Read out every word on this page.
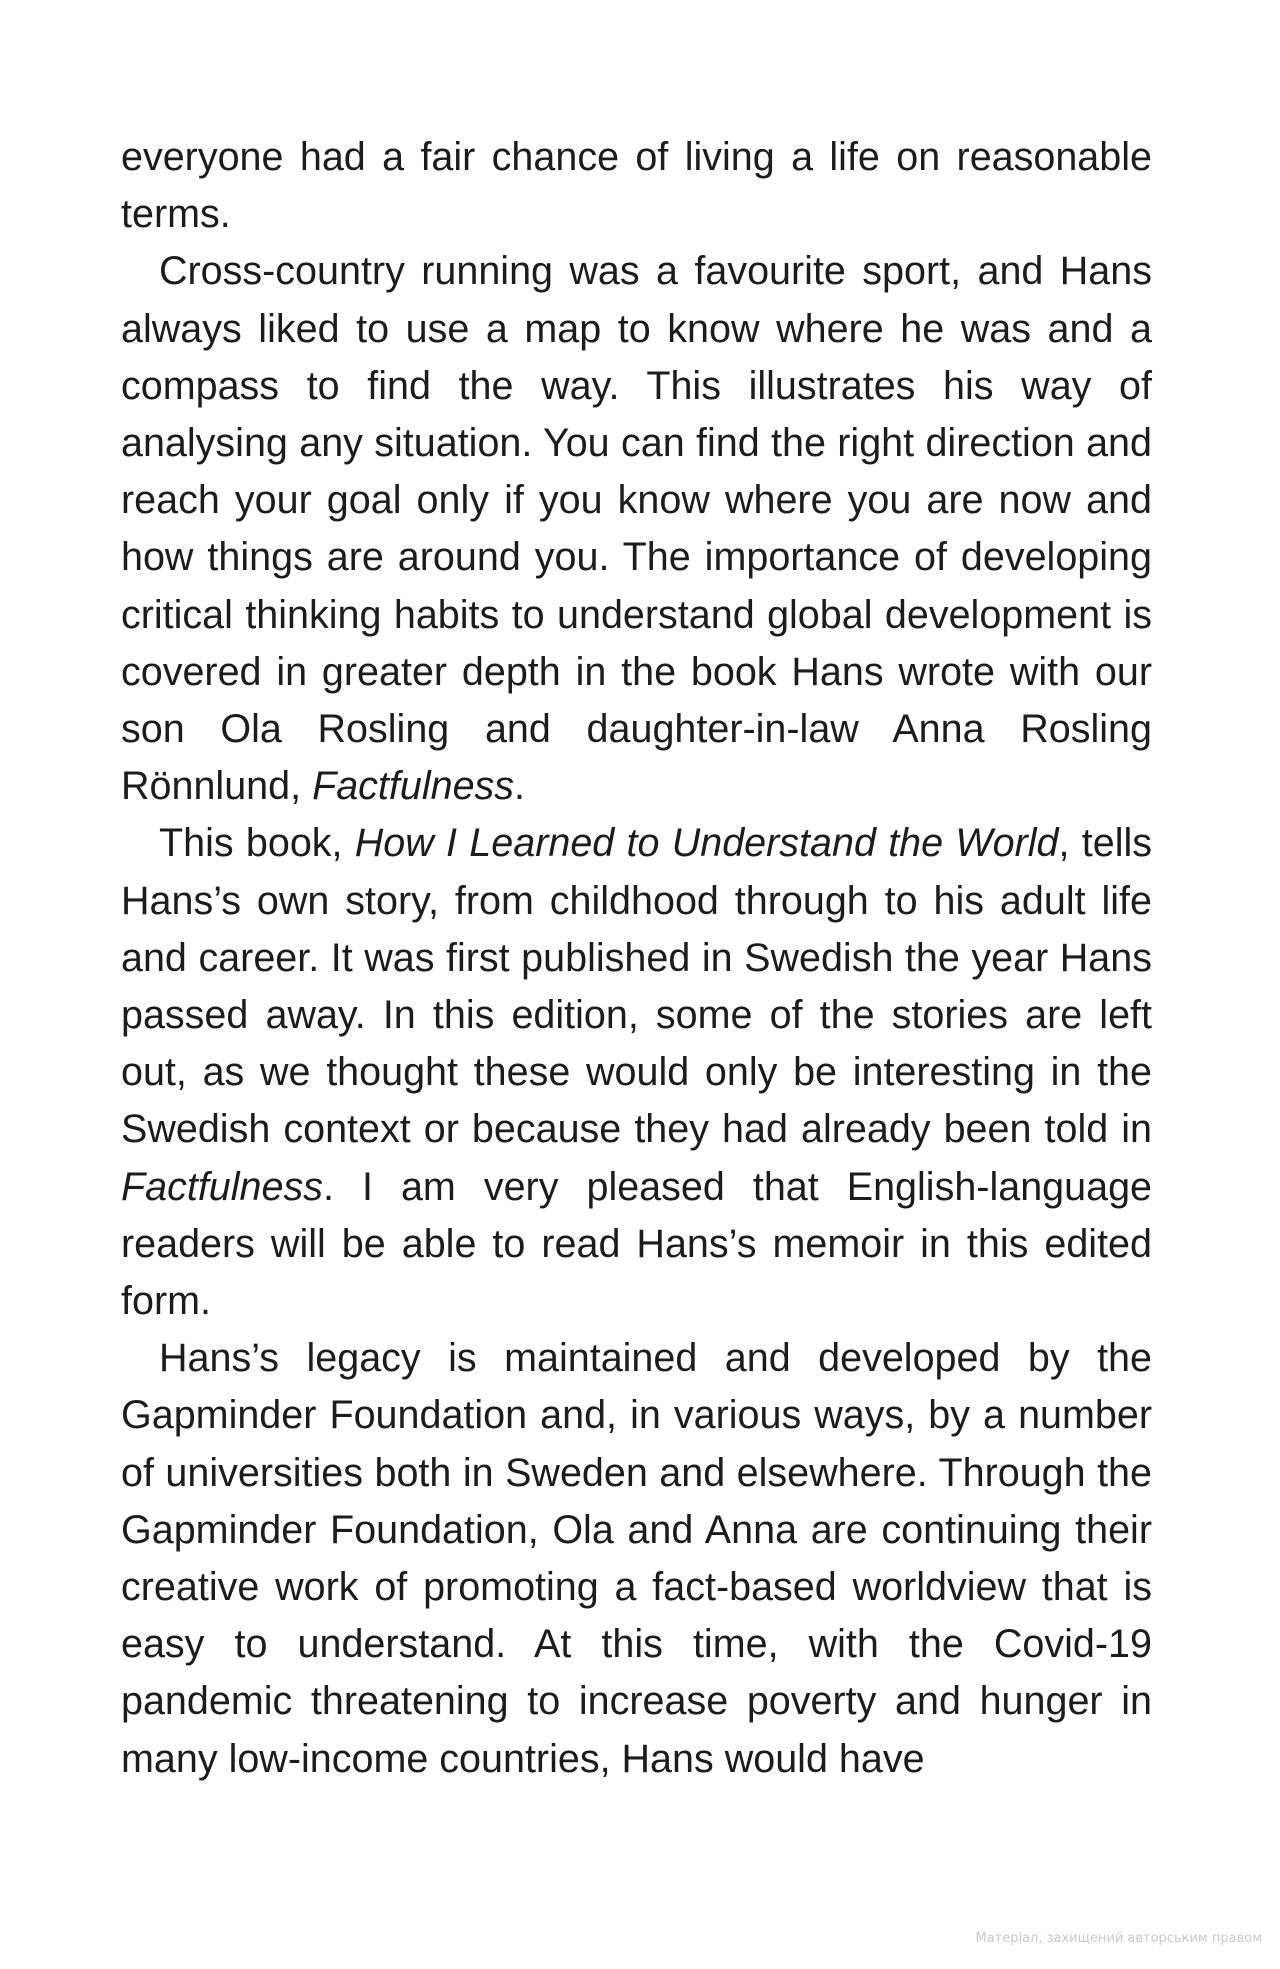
everyone had a fair chance of living a life on reasonable terms.

Cross-country running was a favourite sport, and Hans always liked to use a map to know where he was and a compass to find the way. This illustrates his way of analysing any situation. You can find the right direction and reach your goal only if you know where you are now and how things are around you. The importance of developing critical thinking habits to understand global development is covered in greater depth in the book Hans wrote with our son Ola Rosling and daughter-in-law Anna Rosling Rönnlund, Factfulness.

This book, How I Learned to Understand the World, tells Hans’s own story, from childhood through to his adult life and career. It was first published in Swedish the year Hans passed away. In this edition, some of the stories are left out, as we thought these would only be interesting in the Swedish context or because they had already been told in Factfulness. I am very pleased that English-language readers will be able to read Hans’s memoir in this edited form.

Hans’s legacy is maintained and developed by the Gapminder Foundation and, in various ways, by a number of universities both in Sweden and elsewhere. Through the Gapminder Foundation, Ola and Anna are continuing their creative work of promoting a fact-based worldview that is easy to understand. At this time, with the Covid-19 pandemic threatening to increase poverty and hunger in many low-income countries, Hans would have

Матеріал, захищений авторським правом
